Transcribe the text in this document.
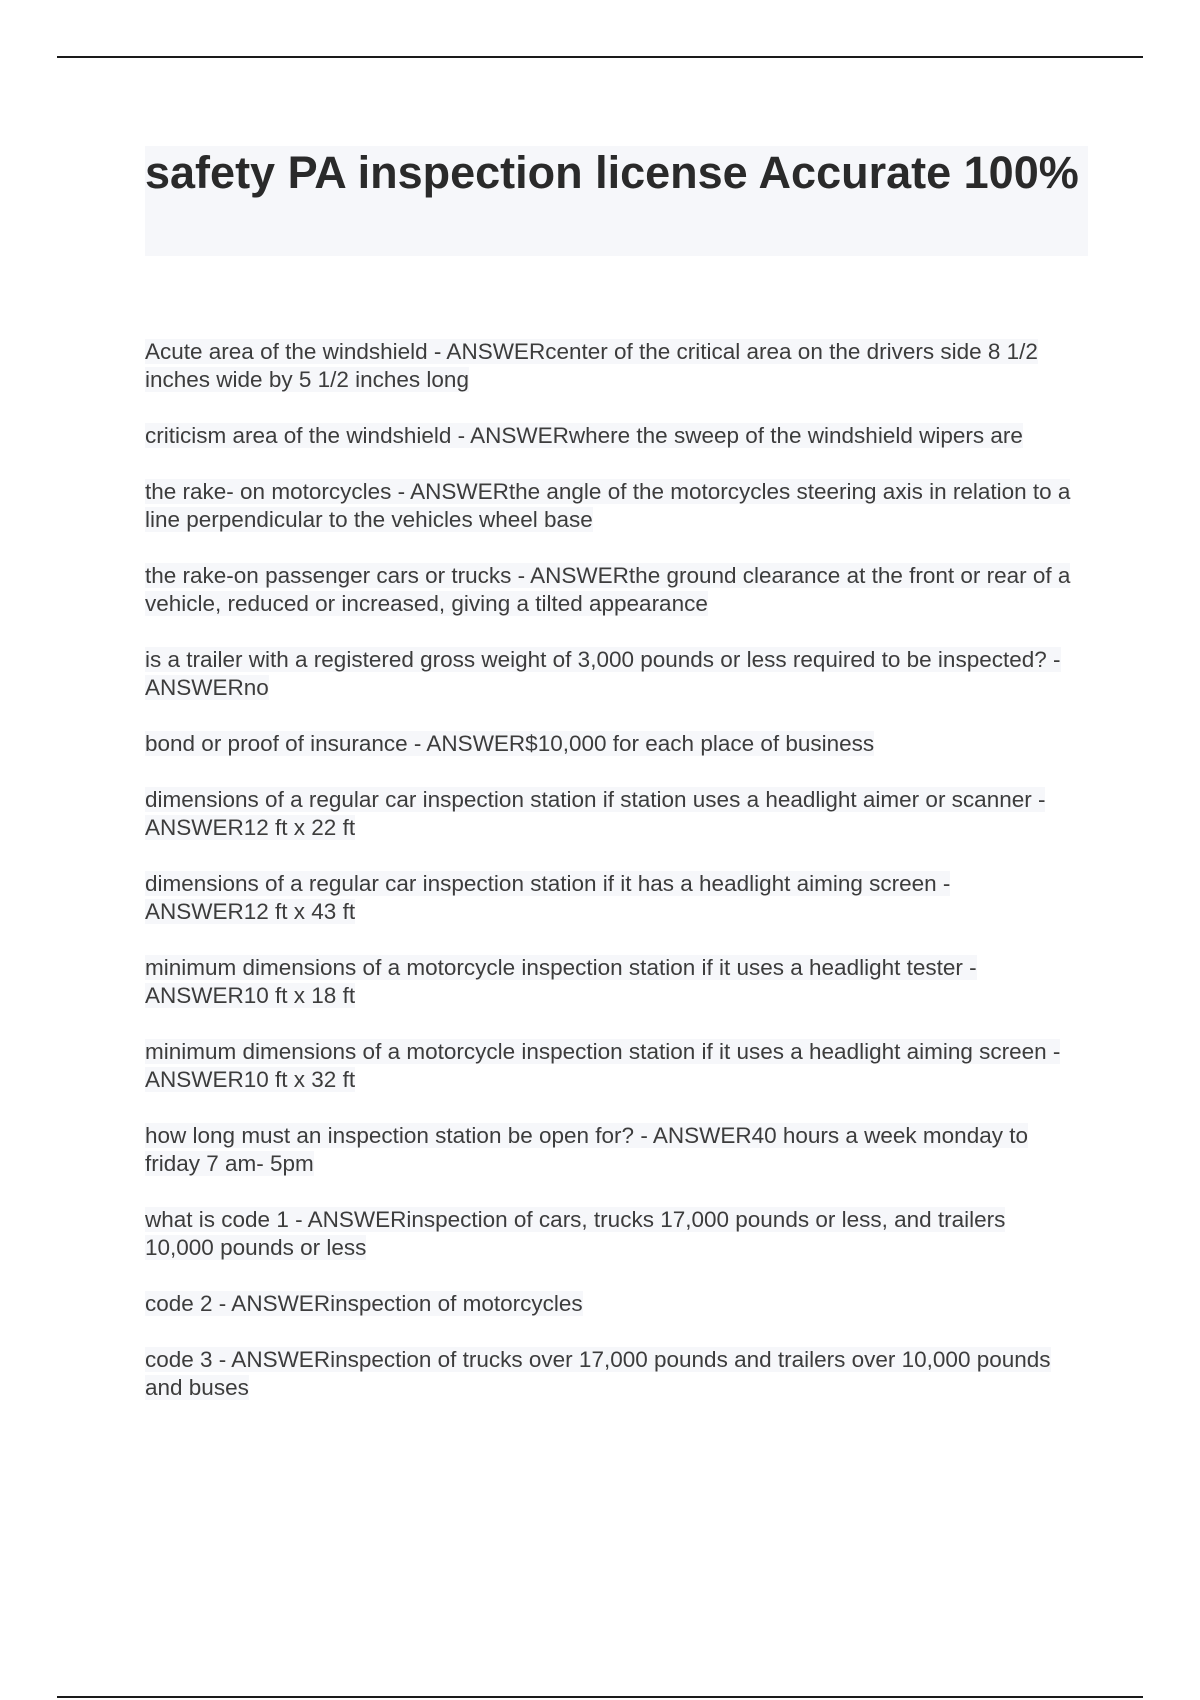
safety PA inspection license Accurate 100%
Acute area of the windshield - ANSWERcenter of the critical area on the drivers side 8 1/2 inches wide by 5 1/2 inches long
criticism area of the windshield - ANSWERwhere the sweep of the windshield wipers are
the rake- on motorcycles - ANSWERthe angle of the motorcycles steering axis in relation to a line perpendicular to the vehicles wheel base
the rake-on passenger cars or trucks - ANSWERthe ground clearance at the front or rear of a vehicle, reduced or increased, giving a tilted appearance
is a trailer with a registered gross weight of 3,000 pounds or less required to be inspected? - ANSWERno
bond or proof of insurance - ANSWER$10,000 for each place of business
dimensions of a regular car inspection station if station uses a headlight aimer or scanner - ANSWER12 ft x 22 ft
dimensions of a regular car inspection station if it has a headlight aiming screen - ANSWER12 ft x 43 ft
minimum dimensions of a motorcycle inspection station if it uses a headlight tester - ANSWER10 ft x 18 ft
minimum dimensions of a motorcycle inspection station if it uses a headlight aiming screen - ANSWER10 ft x 32 ft
how long must an inspection station be open for? - ANSWER40 hours a week monday to friday 7 am- 5pm
what is code 1 - ANSWERinspection of cars, trucks 17,000 pounds or less, and trailers 10,000 pounds or less
code 2 - ANSWERinspection of motorcycles
code 3 - ANSWERinspection of trucks over 17,000 pounds and trailers over 10,000 pounds and buses
